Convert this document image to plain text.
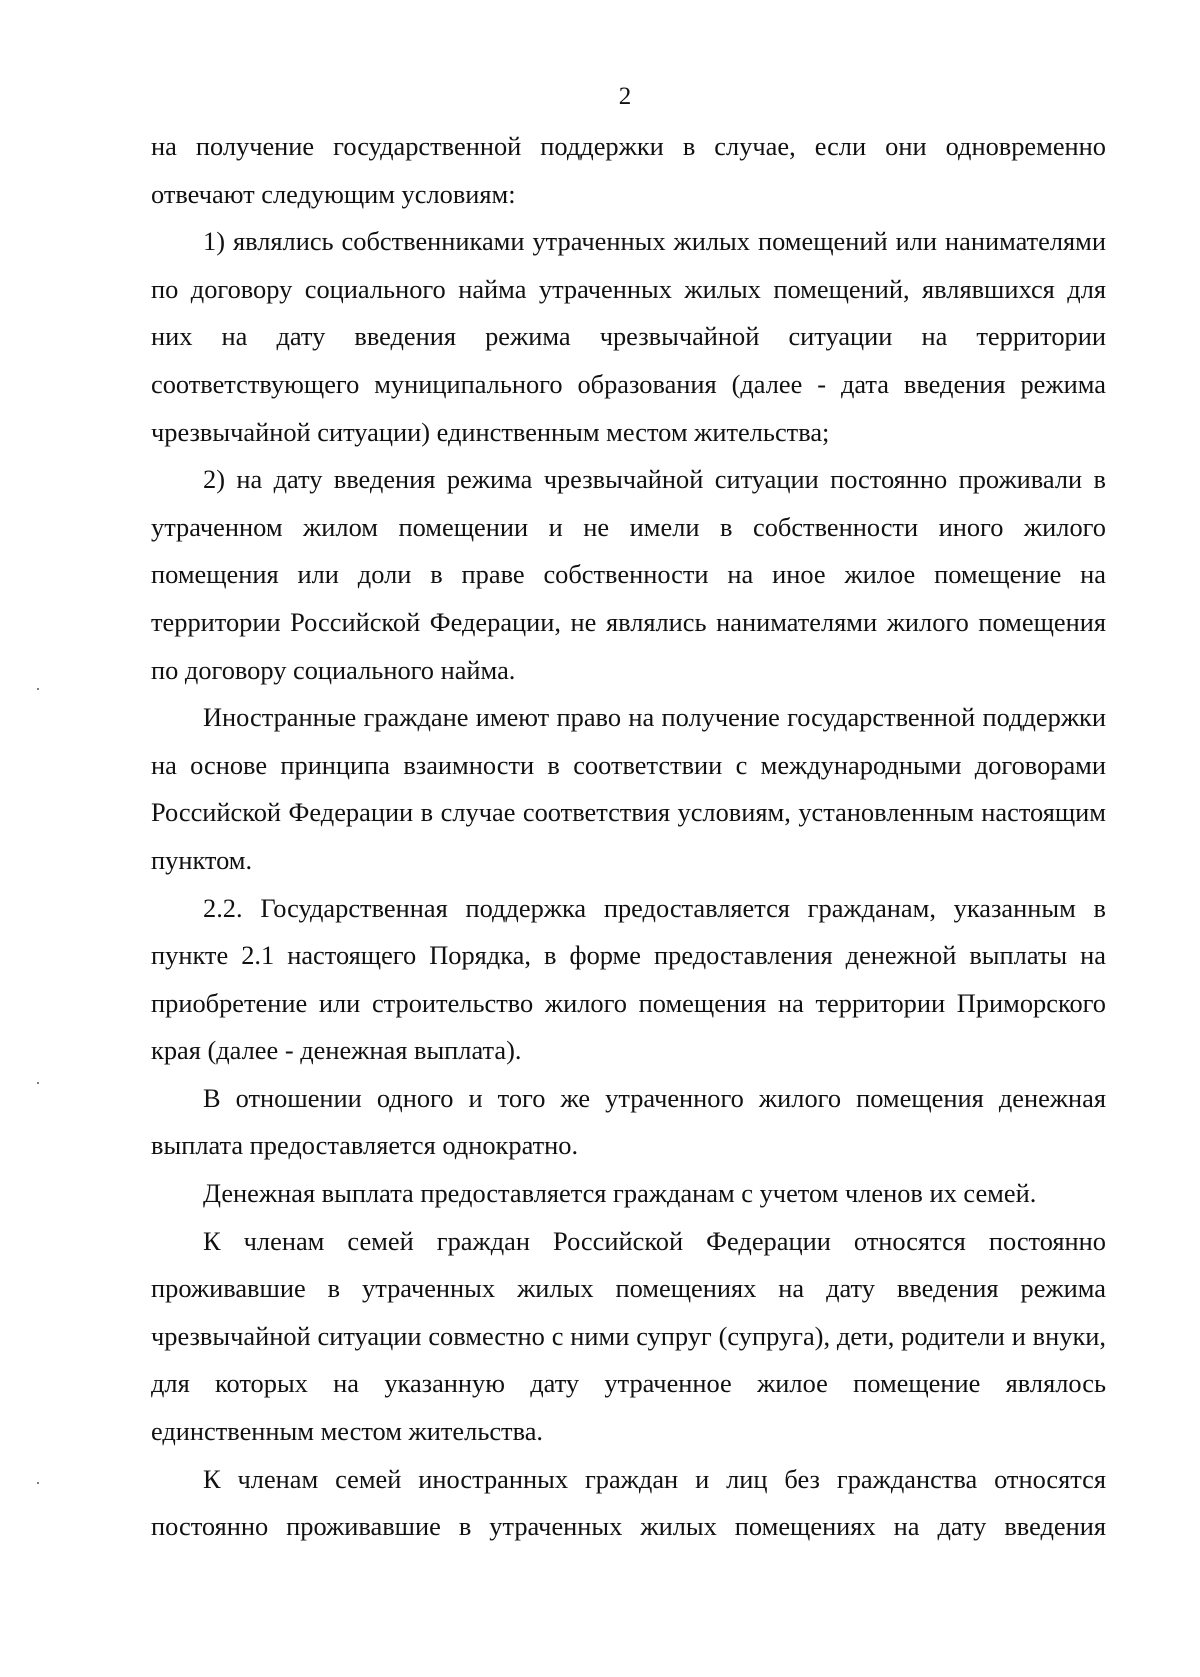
2

на получение государственной поддержки в случае, если они одновременно отвечают следующим условиям:

1) являлись собственниками утраченных жилых помещений или нанимателями по договору социального найма утраченных жилых помещений, являвшихся для них на дату введения режима чрезвычайной ситуации на территории соответствующего муниципального образования (далее - дата введения режима чрезвычайной ситуации) единственным местом жительства;

2) на дату введения режима чрезвычайной ситуации постоянно проживали в утраченном жилом помещении и не имели в собственности иного жилого помещения или доли в праве собственности на иное жилое помещение на территории Российской Федерации, не являлись нанимателями жилого помещения по договору социального найма.

Иностранные граждане имеют право на получение государственной поддержки на основе принципа взаимности в соответствии с международными договорами Российской Федерации в случае соответствия условиям, установленным настоящим пунктом.

2.2. Государственная поддержка предоставляется гражданам, указанным в пункте 2.1 настоящего Порядка, в форме предоставления денежной выплаты на приобретение или строительство жилого помещения на территории Приморского края (далее - денежная выплата).

В отношении одного и того же утраченного жилого помещения денежная выплата предоставляется однократно.

Денежная выплата предоставляется гражданам с учетом членов их семей.

К членам семей граждан Российской Федерации относятся постоянно проживавшие в утраченных жилых помещениях на дату введения режима чрезвычайной ситуации совместно с ними супруг (супруга), дети, родители и внуки, для которых на указанную дату утраченное жилое помещение являлось единственным местом жительства.

К членам семей иностранных граждан и лиц без гражданства относятся постоянно проживавшие в утраченных жилых помещениях на дату введения
